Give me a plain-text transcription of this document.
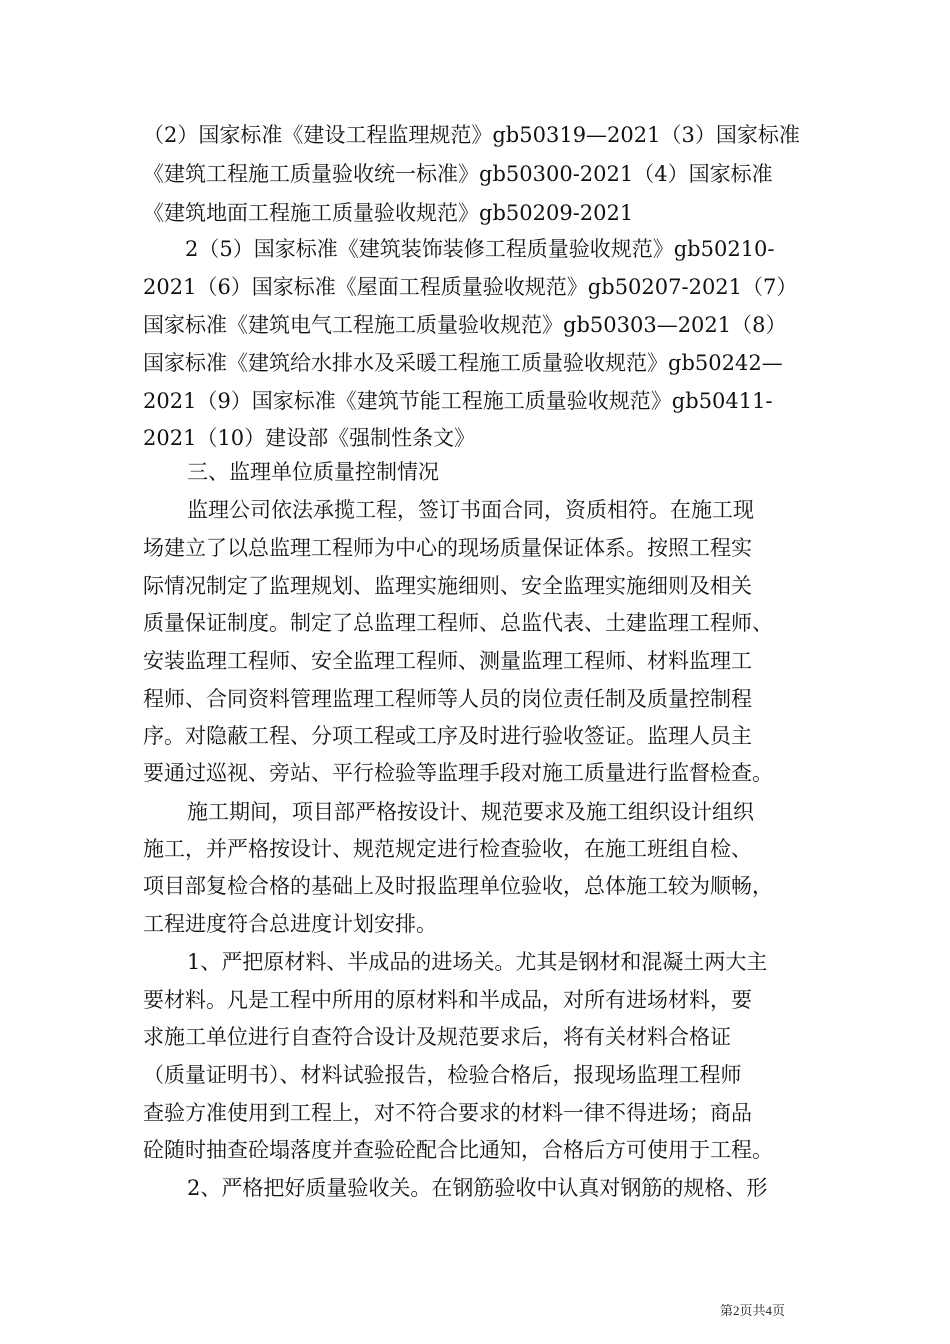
（2）国家标准《建设工程监理规范》gb50319—2021（3）国家标准
《建筑工程施工质量验收统一标准》gb50300-2021（4）国家标准
《建筑地面工程施工质量验收规范》gb50209-2021
2（5）国家标准《建筑装饰装修工程质量验收规范》gb50210-
2021（6）国家标准《屋面工程质量验收规范》gb50207-2021（7）
国家标准《建筑电气工程施工质量验收规范》gb50303—2021（8）
国家标准《建筑给水排水及采暖工程施工质量验收规范》gb50242—
2021（9）国家标准《建筑节能工程施工质量验收规范》gb50411-
2021（10）建设部《强制性条文》
三、监理单位质量控制情况
监理公司依法承揽工程，签订书面合同，资质相符。在施工现
场建立了以总监理工程师为中心的现场质量保证体系。按照工程实
际情况制定了监理规划、监理实施细则、安全监理实施细则及相关
质量保证制度。制定了总监理工程师、总监代表、土建监理工程师、
安装监理工程师、安全监理工程师、测量监理工程师、材料监理工
程师、合同资料管理监理工程师等人员的岗位责任制及质量控制程
序。对隐蔽工程、分项工程或工序及时进行验收签证。监理人员主
要通过巡视、旁站、平行检验等监理手段对施工质量进行监督检查。
施工期间，项目部严格按设计、规范要求及施工组织设计组织
施工，并严格按设计、规范规定进行检查验收，在施工班组自检、
项目部复检合格的基础上及时报监理单位验收，总体施工较为顺畅，
工程进度符合总进度计划安排。
1、严把原材料、半成品的进场关。尤其是钢材和混凝土两大主
要材料。凡是工程中所用的原材料和半成品，对所有进场材料，要
求施工单位进行自查符合设计及规范要求后，将有关材料合格证
（质量证明书）、材料试验报告，检验合格后，报现场监理工程师
查验方准使用到工程上，对不符合要求的材料一律不得进场；商品
砼随时抽查砼塌落度并查验砼配合比通知，合格后方可使用于工程。
2、严格把好质量验收关。在钢筋验收中认真对钢筋的规格、形
第2页共4页
